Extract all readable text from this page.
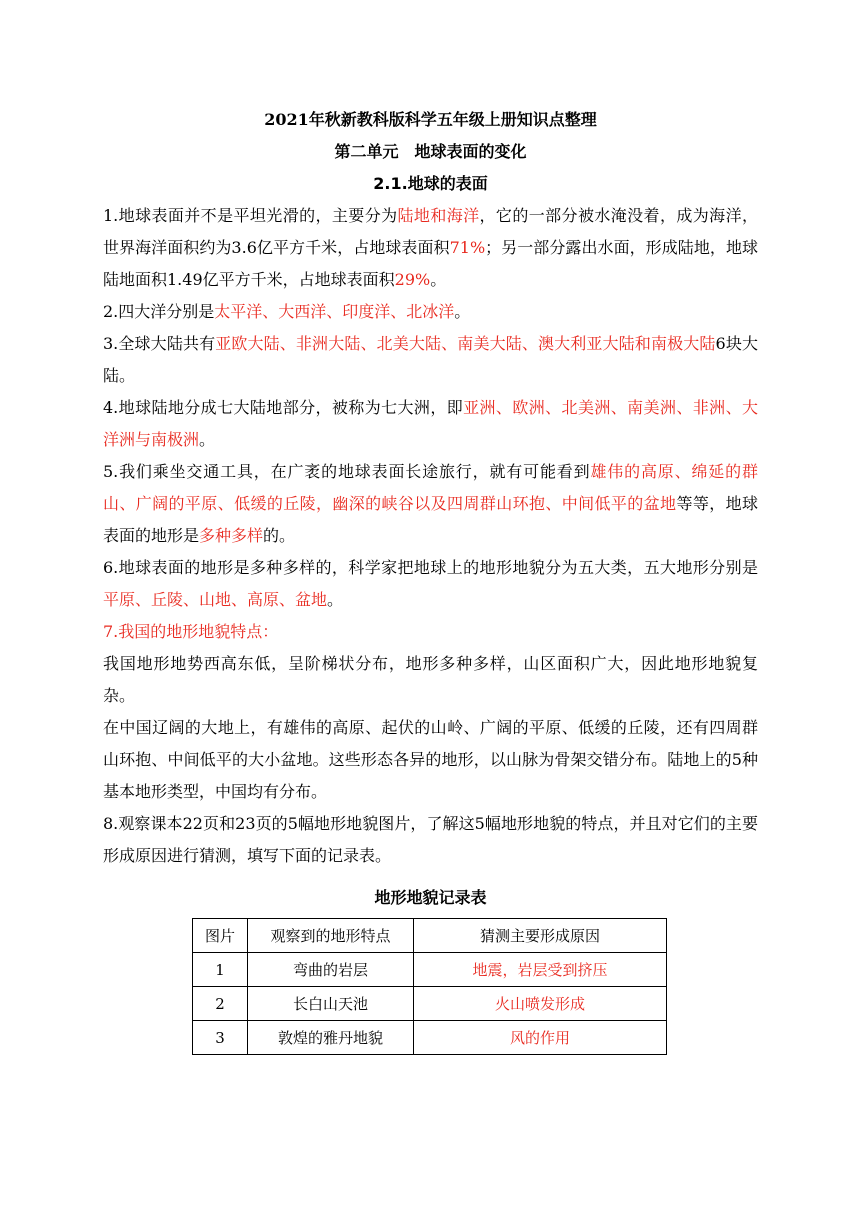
2021年秋新教科版科学五年级上册知识点整理
第二单元　地球表面的变化
2.1.地球的表面

1.地球表面并不是平坦光滑的，主要分为陆地和海洋，它的一部分被水淹没着，成为海洋，世界海洋面积约为3.6亿平方千米，占地球表面积71%；另一部分露出水面，形成陆地，地球陆地面积1.49亿平方千米，占地球表面积29%。

2.四大洋分别是太平洋、大西洋、印度洋、北冰洋。

3.全球大陆共有亚欧大陆、非洲大陆、北美大陆、南美大陆、澳大利亚大陆和南极大陆6块大陆。

4.地球陆地分成七大陆地部分，被称为七大洲，即亚洲、欧洲、北美洲、南美洲、非洲、大洋洲与南极洲。

5.我们乘坐交通工具，在广袤的地球表面长途旅行，就有可能看到雄伟的高原、绵延的群山、广阔的平原、低缓的丘陵，幽深的峡谷以及四周群山环抱、中间低平的盆地等等，地球表面的地形是多种多样的。

6.地球表面的地形是多种多样的，科学家把地球上的地形地貌分为五大类，五大地形分别是平原、丘陵、山地、高原、盆地。

7.我国的地形地貌特点：

我国地形地势西高东低，呈阶梯状分布，地形多种多样，山区面积广大，因此地形地貌复杂。

在中国辽阔的大地上，有雄伟的高原、起伏的山岭、广阔的平原、低缓的丘陵，还有四周群山环抱、中间低平的大小盆地。这些形态各异的地形，以山脉为骨架交错分布。陆地上的5种基本地形类型，中国均有分布。

8.观察课本22页和23页的5幅地形地貌图片，了解这5幅地形地貌的特点，并且对它们的主要形成原因进行猜测，填写下面的记录表。

地形地貌记录表
图片	观察到的地形特点	猜测主要形成原因
1	弯曲的岩层	地震，岩层受到挤压
2	长白山天池	火山喷发形成
3	敦煌的雅丹地貌	风的作用
